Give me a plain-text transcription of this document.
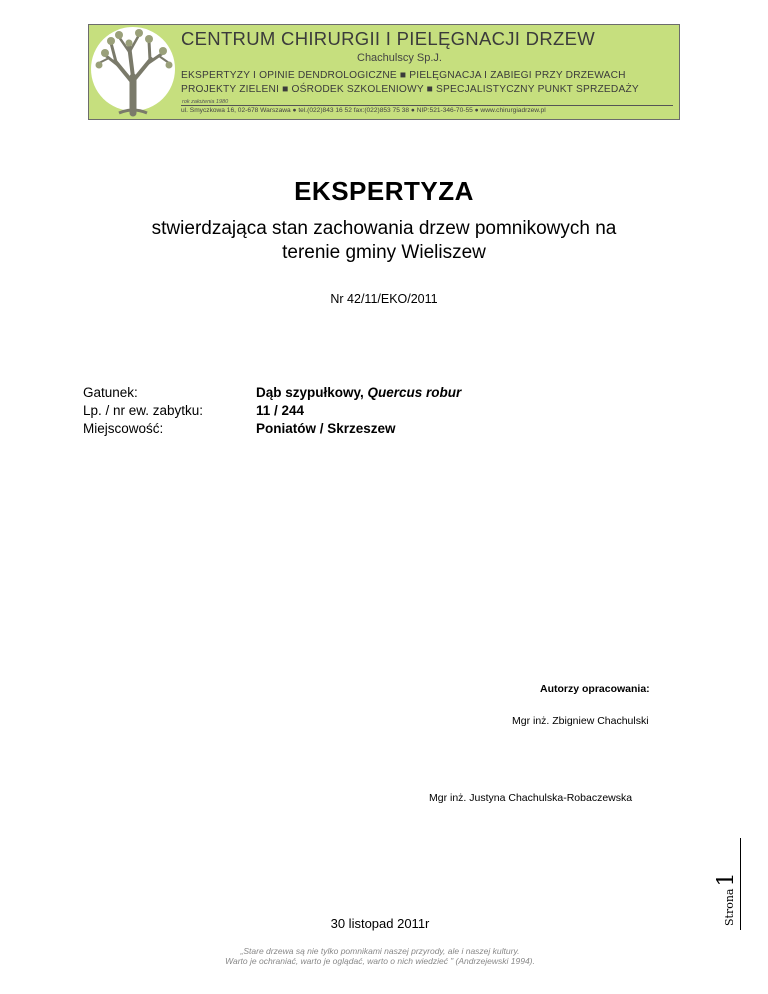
CENTRUM CHIRURGII I PIELĘGNACJI DRZEW
Chachulscy Sp.J.
EKSPERTYZY I OPINIE DENDROLOGICZNE ■ PIELĘGNACJA I ZABIEGI PRZY DRZEWACH
PROJEKTY ZIELENI ■ OŚRODEK SZKOLENIOWY ■ SPECJALISTYCZNY PUNKT SPRZEDAŻY
rok założenia 1980
ul. Smyczkowa 16, 02-678 Warszawa ● tel.(022)843 16 52 fax:(022)853 75 38 ● NIP:521-346-70-55 ● www.chirurgiadrzew.pl
EKSPERTYZA
stwierdzająca stan zachowania drzew pomnikowych na
terenie gminy Wieliszew
Nr 42/11/EKO/2011
Gatunek:	Dąb szypułkowy, Quercus robur
Lp. / nr ew. zabytku:	11 / 244
Miejscowość:	Poniatów / Skrzeszew
Autorzy opracowania:
Mgr inż. Zbigniew Chachulski
Mgr inż. Justyna Chachulska-Robaczewska
30 listopad 2011r
„Stare drzewa są nie tylko pomnikami naszej przyrody, ale i naszej kultury.
Warto je ochraniać, warto je oglądać, warto o nich wiedzieć ” (Andrzejewski 1994).
Strona
1
